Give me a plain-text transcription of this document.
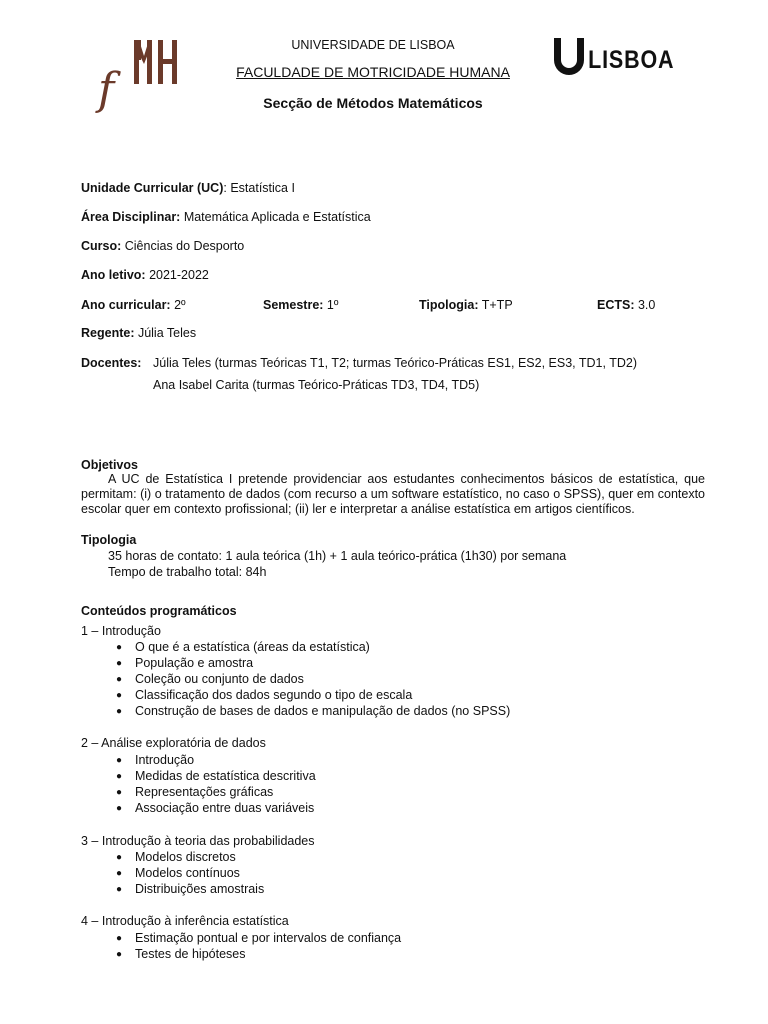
f
UNIVERSIDADE DE LISBOA
FACULDADE DE MOTRICIDADE HUMANA
Secção de Métodos Matemáticos
LISBOA
Unidade Curricular (UC): Estatística I
Área Disciplinar: Matemática Aplicada e Estatística
Curso: Ciências do Desporto
Ano letivo: 2021-2022
Ano curricular: 2º	Semestre: 1º	Tipologia: T+TP	ECTS: 3.0
Regente: Júlia Teles
Docentes: Júlia Teles (turmas Teóricas T1, T2; turmas Teórico-Práticas ES1, ES2, ES3, TD1, TD2)
Ana Isabel Carita (turmas Teórico-Práticas TD3, TD4, TD5)
Objetivos
A UC de Estatística I pretende providenciar aos estudantes conhecimentos básicos de estatística, que permitam: (i) o tratamento de dados (com recurso a um software estatístico, no caso o SPSS), quer em contexto escolar quer em contexto profissional; (ii) ler e interpretar a análise estatística em artigos científicos.
Tipologia
35 horas de contato: 1 aula teórica (1h) + 1 aula teórico-prática (1h30) por semana
Tempo de trabalho total: 84h
Conteúdos programáticos
1 – Introdução
● O que é a estatística (áreas da estatística)
● População e amostra
● Coleção ou conjunto de dados
● Classificação dos dados segundo o tipo de escala
● Construção de bases de dados e manipulação de dados (no SPSS)
2 – Análise exploratória de dados
● Introdução
● Medidas de estatística descritiva
● Representações gráficas
● Associação entre duas variáveis
3 – Introdução à teoria das probabilidades
● Modelos discretos
● Modelos contínuos
● Distribuições amostrais
4 – Introdução à inferência estatística
● Estimação pontual e por intervalos de confiança
● Testes de hipóteses
